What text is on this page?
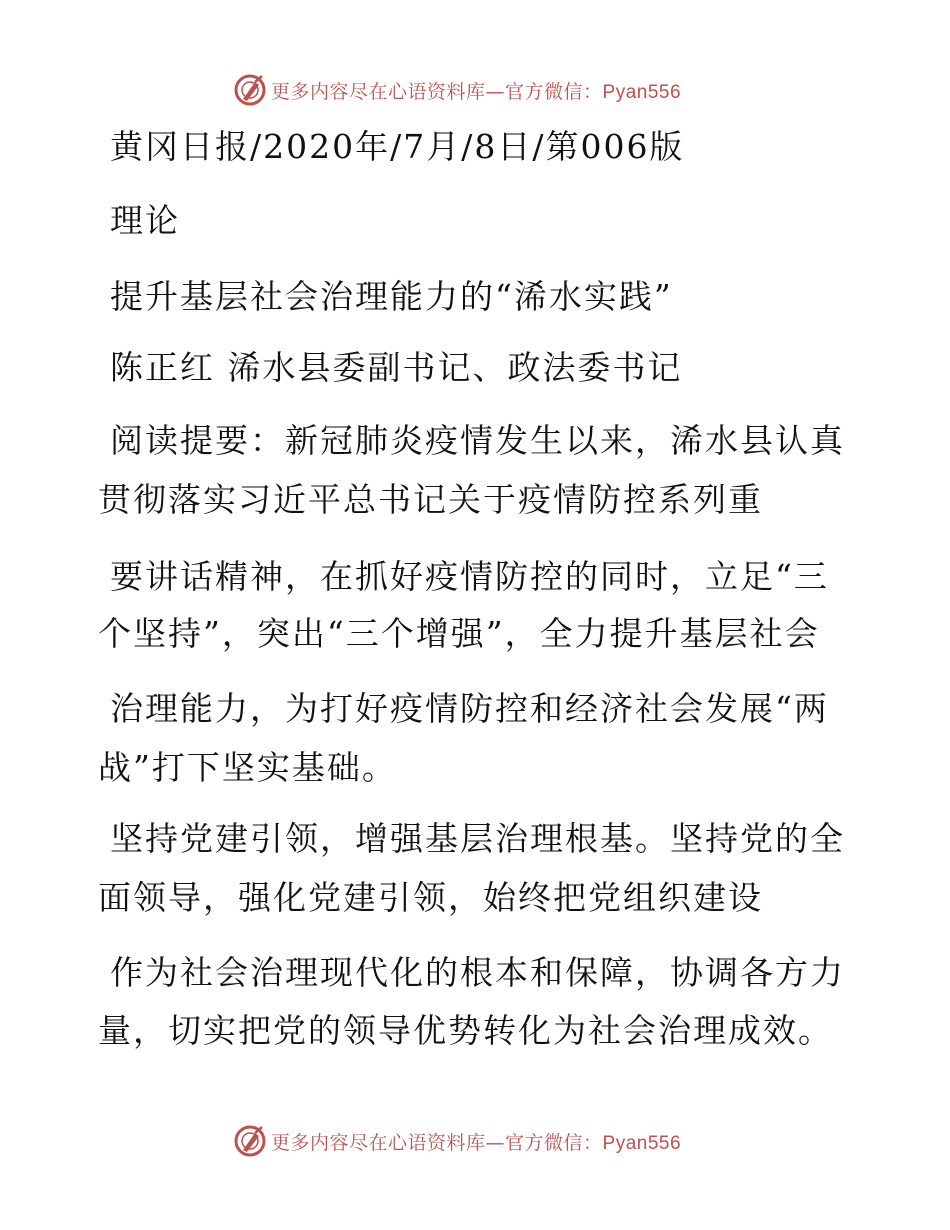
更多内容尽在心语资料库—官方微信：Pyan556
黄冈日报/2020年/7月/8日/第006版
理论
提升基层社会治理能力的“浠水实践”
陈正红 浠水县委副书记、政法委书记
阅读提要：新冠肺炎疫情发生以来，浠水县认真
贯彻落实习近平总书记关于疫情防控系列重
要讲话精神，在抓好疫情防控的同时，立足“三
个坚持”，突出“三个增强”，全力提升基层社会
治理能力，为打好疫情防控和经济社会发展“两
战”打下坚实基础。
坚持党建引领，增强基层治理根基。坚持党的全
面领导，强化党建引领，始终把党组织建设
作为社会治理现代化的根本和保障，协调各方力
量，切实把党的领导优势转化为社会治理成效。
更多内容尽在心语资料库—官方微信：Pyan556
